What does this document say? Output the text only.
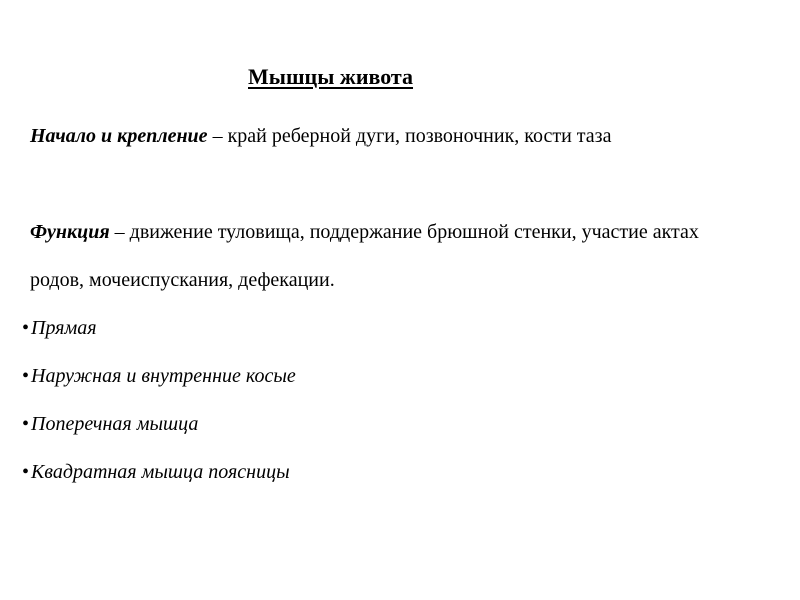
Мышцы живота
Начало и крепление – край реберной дуги, позвоночник, кости таза
Функция – движение туловища, поддержание брюшной стенки, участие актах родов, мочеиспускания, дефекации.
•Прямая
•Наружная и внутренние косые
•Поперечная мышца
•Квадратная мышца поясницы
